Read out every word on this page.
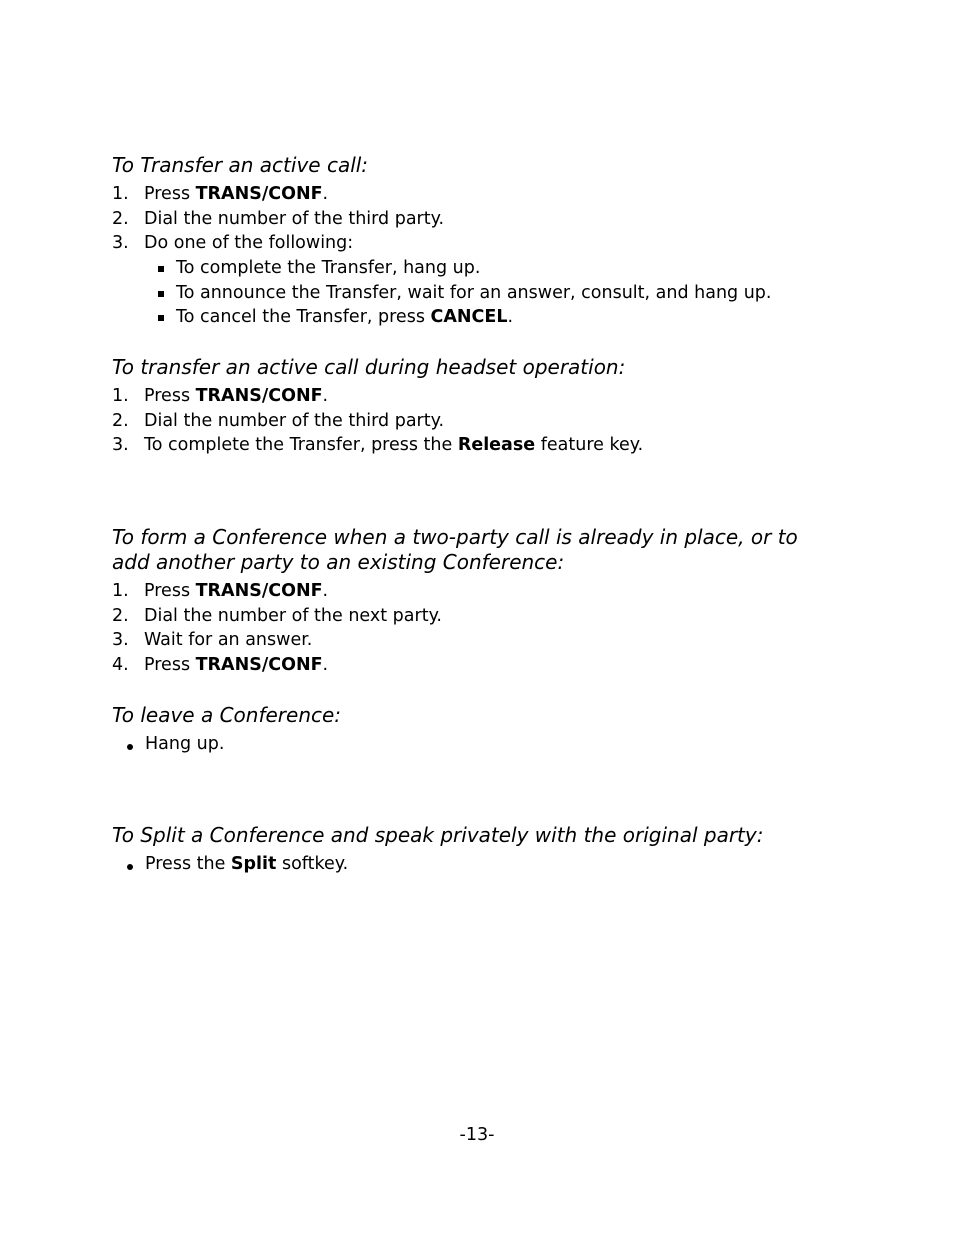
To Transfer an active call:

1. Press TRANS/CONF.
2. Dial the number of the third party.
3. Do one of the following:
To complete the Transfer, hang up.
To announce the Transfer, wait for an answer, consult, and hang up.
To cancel the Transfer, press CANCEL.

To transfer an active call during headset operation:

1. Press TRANS/CONF.
2. Dial the number of the third party.
3. To complete the Transfer, press the Release feature key.

To form a Conference when a two-party call is already in place, or to
add another party to an existing Conference:

1. Press TRANS/CONF.
2. Dial the number of the next party.
3. Wait for an answer.
4. Press TRANS/CONF.

To leave a Conference:

Hang up.

To Split a Conference and speak privately with the original party:

Press the Split softkey.
-13-
